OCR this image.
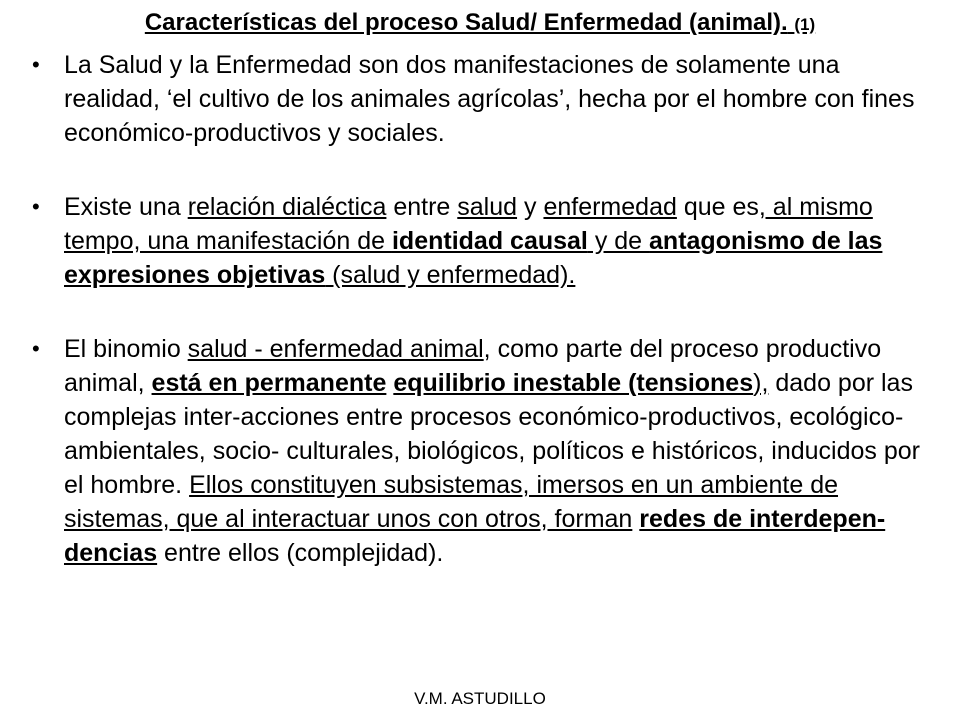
Características del proceso Salud/ Enfermedad (animal). (1)
• La Salud y la Enfermedad son dos manifestaciones de solamente una realidad, ‘el cultivo de los animales agrícolas’, hecha por el hombre con fines económico-productivos y sociales.
• Existe una relación dialéctica entre salud y enfermedad que es, al mismo tempo, una manifestación de identidad causal y de antagonismo de las expresiones objetivas (salud y enfermedad).
• El binomio salud - enfermedad animal, como parte del proceso productivo animal, está en permanente equilibrio inestable (tensiones), dado por las complejas inter-acciones entre procesos económico-productivos, ecológico- ambientales, socio- culturales, biológicos, políticos e históricos, inducidos por el hombre. Ellos constituyen subsistemas, imersos en un ambiente de sistemas, que al interactuar unos con otros, forman redes de interdepen-dencias entre ellos (complejidad).
V.M. ASTUDILLO
